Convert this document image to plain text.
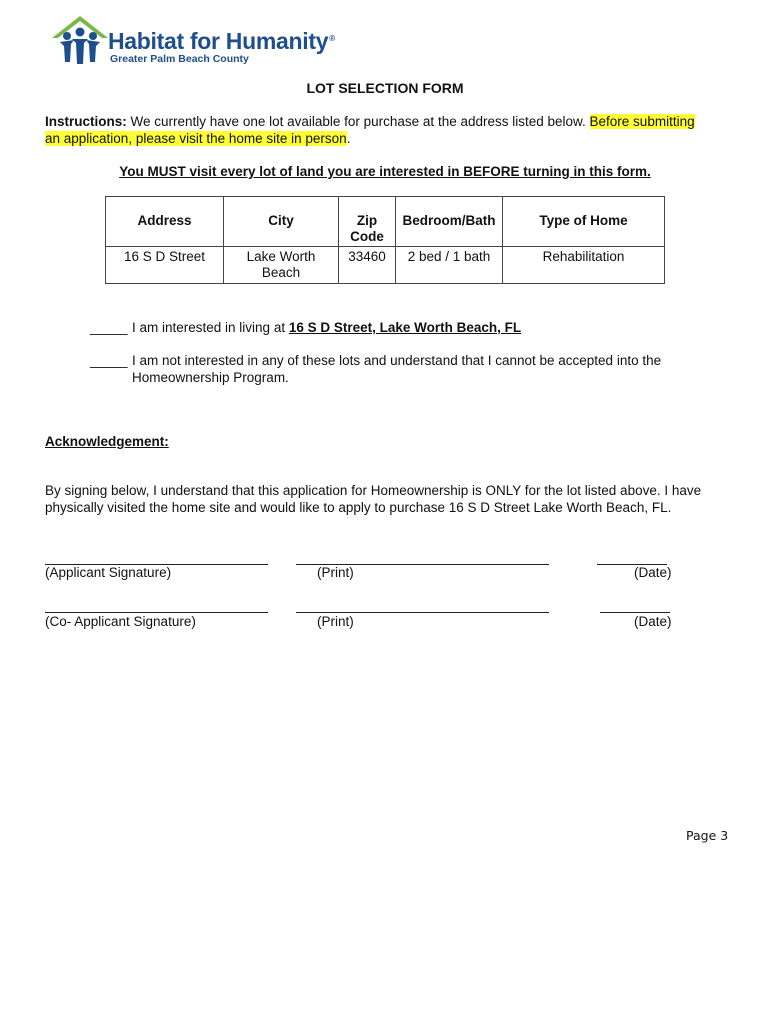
Habitat for Humanity®
Greater Palm Beach County
LOT SELECTION FORM
Instructions: We currently have one lot available for purchase at the address listed below. Before submitting
an application, please visit the home site in person.
You MUST visit every lot of land you are interested in BEFORE turning in this form.
Address	City	Zip Code	Bedroom/Bath	Type of Home
16 S D Street	Lake Worth Beach	33460	2 bed / 1 bath	Rehabilitation
_____ I am interested in living at 16 S D Street, Lake Worth Beach, FL
_____ I am not interested in any of these lots and understand that I cannot be accepted into the Homeownership Program.
Acknowledgement:
By signing below, I understand that this application for Homeownership is ONLY for the lot listed above. I have physically visited the home site and would like to apply to purchase 16 S D Street Lake Worth Beach, FL.
(Applicant Signature)	(Print)	(Date)
(Co- Applicant Signature)	(Print)	(Date)
Page 3
